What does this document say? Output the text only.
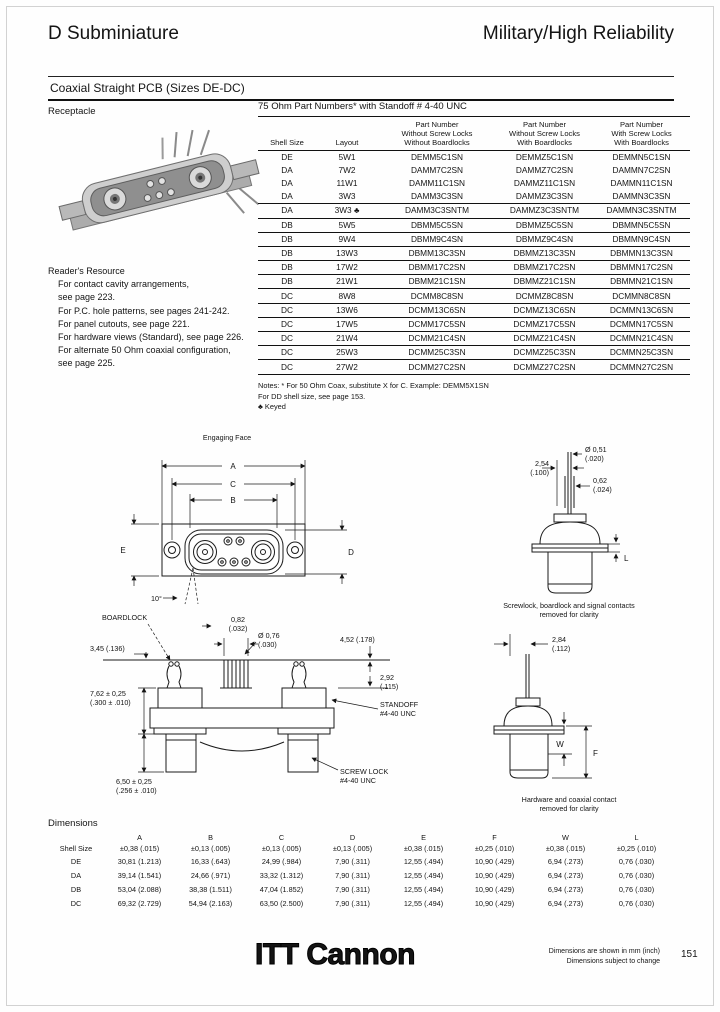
D Subminiature	Military/High Reliability
Coaxial Straight PCB (Sizes DE-DC)
Receptacle
Reader's Resource
For contact cavity arrangements,
see page 223.
For P.C. hole patterns, see pages 241-242.
For panel cutouts, see page 221.
For hardware views (Standard), see page 226.
For alternate 50 Ohm coaxial configuration,
see page 225.
75 Ohm Part Numbers* with Standoff # 4-40 UNC
Shell Size	Layout	
Part Number
Without Screw Locks
Without Boardlocks

Part Number
Without Screw Locks
With Boardlocks

Part Number
With Screw Locks
With Boardlocks

DE	5W1	DEMM5C1SN	DEMMZ5C1SN	DEMMN5C1SN
DA	7W2	DAMM7C2SN	DAMMZ7C2SN	DAMMN7C2SN
DA	11W1	DAMM11C1SN	DAMMZ11C1SN	DAMMN11C1SN
DA	3W3	DAMM3C3SN	DAMMZ3C3SN	DAMMN3C3SN
DA	3W3 ♣	DAMM3C3SNTM	DAMMZ3C3SNTM	DAMMN3C3SNTM
DB	5W5	DBMM5C5SN	DBMMZ5C5SN	DBMMN5C5SN
DB	9W4	DBMM9C4SN	DBMMZ9C4SN	DBMMN9C4SN
DB	13W3	DBMM13C3SN	DBMMZ13C3SN	DBMMN13C3SN
DB	17W2	DBMM17C2SN	DBMMZ17C2SN	DBMMN17C2SN
DB	21W1	DBMM21C1SN	DBMMZ21C1SN	DBMMN21C1SN
DC	8W8	DCMM8C8SN	DCMMZ8C8SN	DCMMN8C8SN
DC	13W6	DCMM13C6SN	DCMMZ13C6SN	DCMMN13C6SN
DC	17W5	DCMM17C5SN	DCMMZ17C5SN	DCMMN17C5SN
DC	21W4	DCMM21C4SN	DCMMZ21C4SN	DCMMN21C4SN
DC	25W3	DCMM25C3SN	DCMMZ25C3SN	DCMMN25C3SN
DC	27W2	DCMM27C2SN	DCMMZ27C2SN	DCMMN27C2SN
Notes: * For 50 Ohm Coax, substitute X for C. Example: DEMM5X1SN
For DD shell size, see page 153.
♣ Keyed
Engaging Face
A
C
B
E	D
10°
2,54
(.100)
Ø 0,51
(.020)
0,62
(.024)
L
Screwlock, boardlock and signal contacts
removed for clarity
BOARDLOCK
3,45 (.136)
0,82
(.032)
Ø 0,76
(.030)
4,52 (.178)
7,62 ± 0,25
(.300 ± .010)
2,92
(.115)
STANDOFF
#4-40 UNC
6,50 ± 0,25
(.256 ± .010)
SCREW LOCK
#4-40 UNC
2,84
(.112)
W
F
Hardware and coaxial contact
removed for clarity
Dimensions
	A	B	C	D	E	F	W	L
Shell Size	±0,38 (.015)	±0,13 (.005)	±0,13 (.005)	±0,13 (.005)	±0,38 (.015)	±0,25 (.010)	±0,38 (.015)	±0,25 (.010)
DE	30,81 (1.213)	16,33 (.643)	24,99 (.984)	7,90 (.311)	12,55 (.494)	10,90 (.429)	6,94 (.273)	0,76 (.030)
DA	39,14 (1.541)	24,66 (.971)	33,32 (1.312)	7,90 (.311)	12,55 (.494)	10,90 (.429)	6,94 (.273)	0,76 (.030)
DB	53,04 (2.088)	38,38 (1.511)	47,04 (1.852)	7,90 (.311)	12,55 (.494)	10,90 (.429)	6,94 (.273)	0,76 (.030)
DC	69,32 (2.729)	54,94 (2.163)	63,50 (2.500)	7,90 (.311)	12,55 (.494)	10,90 (.429)	6,94 (.273)	0,76 (.030)
ITT Cannon	Dimensions are shown in mm (inch)
Dimensions subject to change
151
